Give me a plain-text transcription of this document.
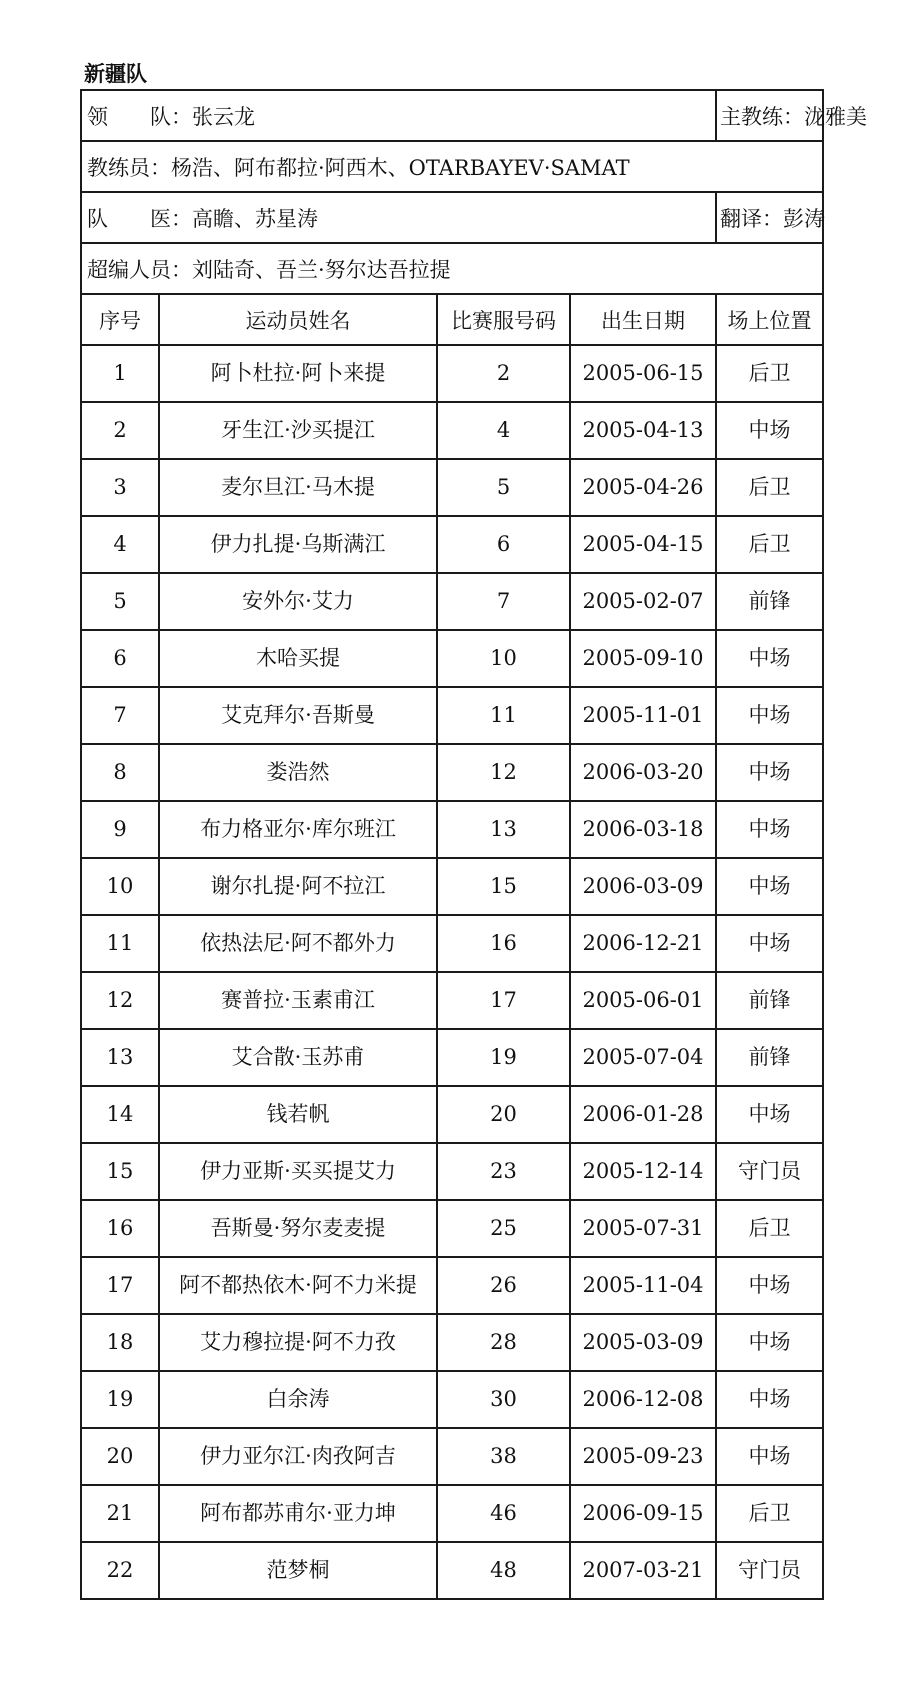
新疆队
领　　队：张云龙				主教练：泷雅美
教练员：杨浩、阿布都拉·阿西木、OTARBAYEV·SAMAT				
队　　医：高瞻、苏星涛				翻译：彭涛
超编人员：刘陆奇、吾兰·努尔达吾拉提				
序号	运动员姓名	比赛服号码	出生日期	场上位置
1	阿卜杜拉·阿卜来提	2	2005-06-15	后卫
2	牙生江·沙买提江	4	2005-04-13	中场
3	麦尔旦江·马木提	5	2005-04-26	后卫
4	伊力扎提·乌斯满江	6	2005-04-15	后卫
5	安外尔·艾力	7	2005-02-07	前锋
6	木哈买提	10	2005-09-10	中场
7	艾克拜尔·吾斯曼	11	2005-11-01	中场
8	娄浩然	12	2006-03-20	中场
9	布力格亚尔·库尔班江	13	2006-03-18	中场
10	谢尔扎提·阿不拉江	15	2006-03-09	中场
11	依热法尼·阿不都外力	16	2006-12-21	中场
12	赛普拉·玉素甫江	17	2005-06-01	前锋
13	艾合散·玉苏甫	19	2005-07-04	前锋
14	钱若帆	20	2006-01-28	中场
15	伊力亚斯·买买提艾力	23	2005-12-14	守门员
16	吾斯曼·努尔麦麦提	25	2005-07-31	后卫
17	阿不都热依木·阿不力米提	26	2005-11-04	中场
18	艾力穆拉提·阿不力孜	28	2005-03-09	中场
19	白余涛	30	2006-12-08	中场
20	伊力亚尔江·肉孜阿吉	38	2005-09-23	中场
21	阿布都苏甫尔·亚力坤	46	2006-09-15	后卫
22	范梦桐	48	2007-03-21	守门员
